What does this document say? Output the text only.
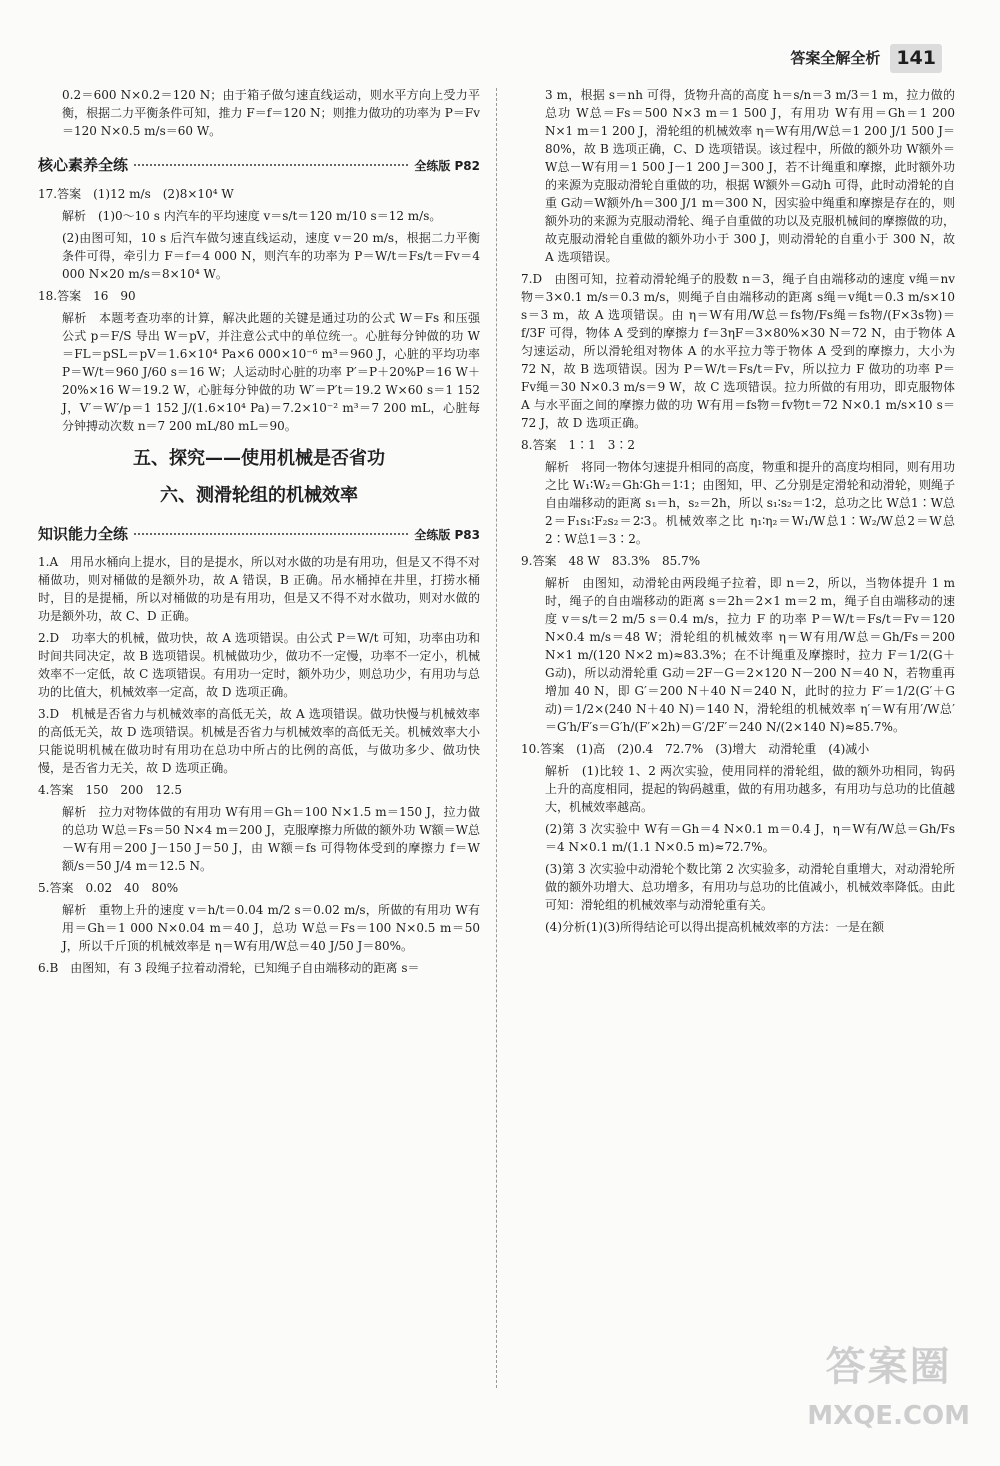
答案全解全析 141

0.2＝600 N×0.2＝120 N；由于箱子做匀速直线运动，则水平方向上受力平衡，根据二力平衡条件可知，推力 F＝f＝120 N；则推力做功的功率为 P＝Fv＝120 N×0.5 m/s＝60 W。

核心素养全练	全练版 P82

17.答案　(1)12 m/s　(2)8×10⁴ W

解析　(1)0～10 s 内汽车的平均速度 v＝s/t＝120 m/10 s＝12 m/s。

(2)由图可知，10 s 后汽车做匀速直线运动，速度 v＝20 m/s，根据二力平衡条件可得，牵引力 F＝f＝4 000 N，则汽车的功率为 P＝W/t＝Fs/t＝Fv＝4 000 N×20 m/s＝8×10⁴ W。

18.答案　16　90

解析　本题考查功率的计算，解决此题的关键是通过功的公式 W＝Fs 和压强公式 p＝F/S 导出 W＝pV，并注意公式中的单位统一。心脏每分钟做的功 W＝FL＝pSL＝pV＝1.6×10⁴ Pa×6 000×10⁻⁶ m³＝960 J，心脏的平均功率 P＝W/t＝960 J/60 s＝16 W；人运动时心脏的功率 P′＝P＋20%P＝16 W＋20%×16 W＝19.2 W，心脏每分钟做的功 W′＝P′t＝19.2 W×60 s＝1 152 J，V′＝W′/p＝1 152 J/(1.6×10⁴ Pa)＝7.2×10⁻² m³＝7 200 mL，心脏每分钟搏动次数 n＝7 200 mL/80 mL＝90。

五、探究——使用机械是否省功
六、测滑轮组的机械效率
知识能力全练	全练版 P83

1.A　用吊水桶向上提水，目的是提水，所以对水做的功是有用功，但是又不得不对桶做功，则对桶做的是额外功，故 A 错误，B 正确。吊水桶掉在井里，打捞水桶时，目的是提桶，所以对桶做的功是有用功，但是又不得不对水做功，则对水做的功是额外功，故 C、D 正确。

2.D　功率大的机械，做功快，故 A 选项错误。由公式 P＝W/t 可知，功率由功和时间共同决定，故 B 选项错误。机械做功少，做功不一定慢，功率不一定小，机械效率不一定低，故 C 选项错误。有用功一定时，额外功少，则总功少，有用功与总功的比值大，机械效率一定高，故 D 选项正确。

3.D　机械是否省力与机械效率的高低无关，故 A 选项错误。做功快慢与机械效率的高低无关，故 D 选项错误。机械是否省力与机械效率的高低无关。机械效率大小只能说明机械在做功时有用功在总功中所占的比例的高低，与做功多少、做功快慢，是否省力无关，故 D 选项正确。

4.答案　150　200　12.5

解析　拉力对物体做的有用功 W有用＝Gh＝100 N×1.5 m＝150 J，拉力做的总功 W总＝Fs＝50 N×4 m＝200 J，克服摩擦力所做的额外功 W额＝W总－W有用＝200 J－150 J＝50 J，由 W额＝fs 可得物体受到的摩擦力 f＝W额/s＝50 J/4 m＝12.5 N。

5.答案　0.02　40　80%

解析　重物上升的速度 v＝h/t＝0.04 m/2 s＝0.02 m/s，所做的有用功 W有用＝Gh＝1 000 N×0.04 m＝40 J，总功 W总＝Fs＝100 N×0.5 m＝50 J，所以千斤顶的机械效率是 η＝W有用/W总＝40 J/50 J＝80%。

6.B　由图知，有 3 段绳子拉着动滑轮，已知绳子自由端移动的距离 s＝

3 m，根据 s＝nh 可得，货物升高的高度 h＝s/n＝3 m/3＝1 m，拉力做的总功 W总＝Fs＝500 N×3 m＝1 500 J，有用功 W有用＝Gh＝1 200 N×1 m＝1 200 J，滑轮组的机械效率 η＝W有用/W总＝1 200 J/1 500 J＝80%，故 B 选项正确，C、D 选项错误。该过程中，所做的额外功 W额外＝W总－W有用＝1 500 J－1 200 J＝300 J，若不计绳重和摩擦，此时额外功的来源为克服动滑轮自重做的功，根据 W额外＝G动h 可得，此时动滑轮的自重 G动＝W额外/h＝300 J/1 m＝300 N，因实验中绳重和摩擦是存在的，则额外功的来源为克服动滑轮、绳子自重做的功以及克服机械间的摩擦做的功，故克服动滑轮自重做的额外功小于 300 J，则动滑轮的自重小于 300 N，故 A 选项错误。

7.D　由图可知，拉着动滑轮绳子的股数 n＝3，绳子自由端移动的速度 v绳＝nv物＝3×0.1 m/s＝0.3 m/s，则绳子自由端移动的距离 s绳＝v绳t＝0.3 m/s×10 s＝3 m，故 A 选项错误。由 η＝W有用/W总＝fs物/Fs绳＝fs物/(F×3s物)＝f/3F 可得，物体 A 受到的摩擦力 f＝3ηF＝3×80%×30 N＝72 N，由于物体 A 匀速运动，所以滑轮组对物体 A 的水平拉力等于物体 A 受到的摩擦力，大小为 72 N，故 B 选项错误。因为 P＝W/t＝Fs/t＝Fv，所以拉力 F 做功的功率 P＝Fv绳＝30 N×0.3 m/s＝9 W，故 C 选项错误。拉力所做的有用功，即克服物体 A 与水平面之间的摩擦力做的功 W有用＝fs物＝fv物t＝72 N×0.1 m/s×10 s＝72 J，故 D 选项正确。

8.答案　1∶1　3∶2

解析　将同一物体匀速提升相同的高度，物重和提升的高度均相同，则有用功之比 W₁∶W₂＝Gh∶Gh＝1∶1；由图知，甲、乙分别是定滑轮和动滑轮，则绳子自由端移动的距离 s₁＝h，s₂＝2h，所以 s₁∶s₂＝1∶2，总功之比 W总1∶W总2＝F₁s₁∶F₂s₂＝2∶3。机械效率之比 η₁∶η₂＝W₁/W总1∶W₂/W总2＝W总2∶W总1＝3∶2。

9.答案　48 W　83.3%　85.7%

解析　由图知，动滑轮由两段绳子拉着，即 n＝2，所以，当物体提升 1 m 时，绳子的自由端移动的距离 s＝2h＝2×1 m＝2 m，绳子自由端移动的速度 v＝s/t＝2 m/5 s＝0.4 m/s，拉力 F 的功率 P＝W/t＝Fs/t＝Fv＝120 N×0.4 m/s＝48 W；滑轮组的机械效率 η＝W有用/W总＝Gh/Fs＝200 N×1 m/(120 N×2 m)≈83.3%；在不计绳重及摩擦时，拉力 F＝1/2(G＋G动)，所以动滑轮重 G动＝2F－G＝2×120 N－200 N＝40 N，若物重再增加 40 N，即 G′＝200 N＋40 N＝240 N，此时的拉力 F′＝1/2(G′＋G动)＝1/2×(240 N＋40 N)＝140 N，滑轮组的机械效率 η′＝W有用′/W总′＝G′h/F′s＝G′h/(F′×2h)＝G′/2F′＝240 N/(2×140 N)≈85.7%。

10.答案　(1)高　(2)0.4　72.7%　(3)增大　动滑轮重　(4)减小

解析　(1)比较 1、2 两次实验，使用同样的滑轮组，做的额外功相同，钩码上升的高度相同，提起的钩码越重，做的有用功越多，有用功与总功的比值越大，机械效率越高。

(2)第 3 次实验中 W有＝Gh＝4 N×0.1 m＝0.4 J，η＝W有/W总＝Gh/Fs＝4 N×0.1 m/(1.1 N×0.5 m)≈72.7%。

(3)第 3 次实验中动滑轮个数比第 2 次实验多，动滑轮自重增大，对动滑轮所做的额外功增大、总功增多，有用功与总功的比值减小，机械效率降低。由此可知：滑轮组的机械效率与动滑轮重有关。

(4)分析(1)(3)所得结论可以得出提高机械效率的方法：一是在额

答案圈
MXQE.COM
